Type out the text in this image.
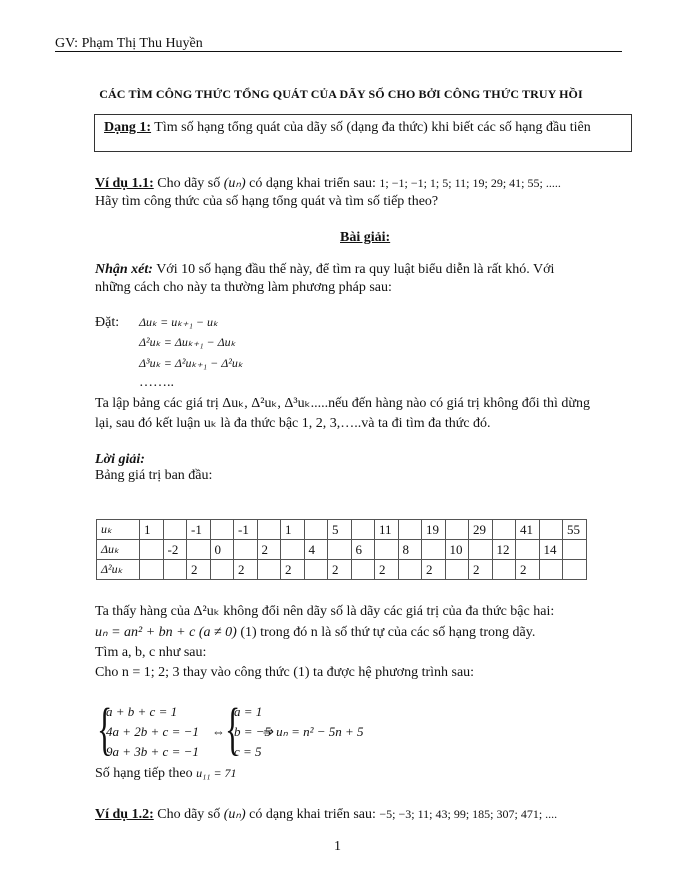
GV: Phạm Thị Thu Huyền
CÁC TÌM CÔNG THỨC TỔNG QUÁT CỦA DÃY SỐ CHO BỞI CÔNG THỨC TRUY HỒI
Dạng 1: Tìm số hạng tổng quát của dãy số (dạng đa thức) khi biết các số hạng đầu tiên
Ví dụ 1.1: Cho dãy số (uₙ) có dạng khai triển sau: 1; −1; −1; 1; 5; 11; 19; 29; 41; 55; .....
Hãy tìm công thức của số hạng tổng quát và tìm số tiếp theo?
Bài giải:
Nhận xét: Với 10 số hạng đầu thế này, để tìm ra quy luật biểu diễn là rất khó. Với
những cách cho này ta thường làm phương pháp sau:
Đặt: Δuₖ = uₖ₊₁ − uₖ
Δ²uₖ = Δuₖ₊₁ − Δuₖ
Δ³uₖ = Δ²uₖ₊₁ − Δ²uₖ
……..
Ta lập bảng các giá trị Δuₖ, Δ²uₖ, Δ³uₖ.....nếu đến hàng nào có giá trị không đổi thì dừng
lại, sau đó kết luận uₖ là đa thức bậc 1, 2, 3,…..và ta đi tìm đa thức đó.
Lời giải:
Bảng giá trị ban đầu:
uₖ	1		-1		-1		1		5		11		19		29		41		55
Δuₖ		-2		0		2		4		6		8		10		12		14	
Δ²uₖ			2		2		2		2		2		2		2		2		
Ta thấy hàng của Δ²uₖ không đổi nên dãy số là dãy các giá trị của đa thức bậc hai:
uₙ = an² + bn + c (a ≠ 0) (1) trong đó n là số thứ tự của các số hạng trong dãy.
Tìm a, b, c như sau:
Cho n = 1; 2; 3 thay vào công thức (1) ta được hệ phương trình sau:
{
a + b + c = 1
4a + 2b + c = −1
9a + 3b + c = −1
⇔ {
a = 1
b = −5
c = 5
⇒ uₙ = n² − 5n + 5
Số hạng tiếp theo u₁₁ = 71
Ví dụ 1.2: Cho dãy số (uₙ) có dạng khai triển sau: −5; −3; 11; 43; 99; 185; 307; 471; ....
1
